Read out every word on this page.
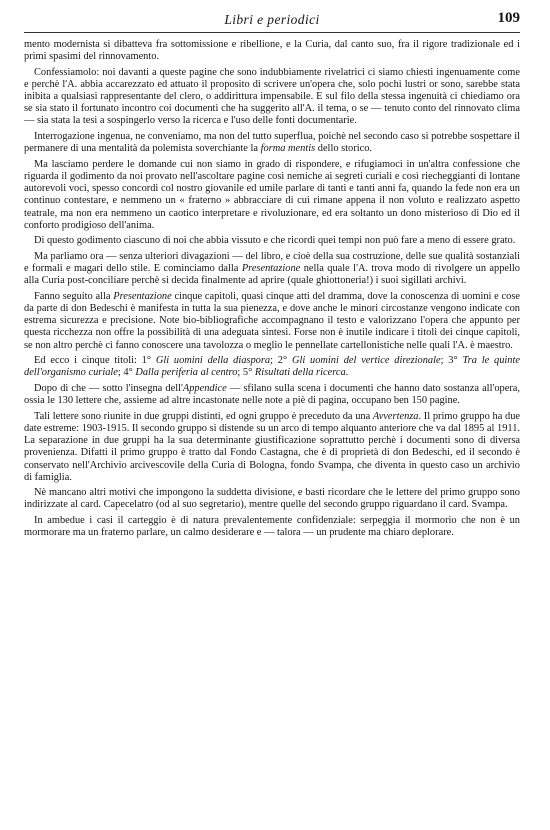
Libri e periodici	109

mento modernista si dibatteva fra sottomissione e ribellione, e la Curia, dal canto suo, fra il rigore tradizionale ed i primi spasimi del rinnovamento.

Confessiamolo: noi davanti a queste pagine che sono indubbiamente rivelatrici ci siamo chiesti ingenuamente come e perchè l'A. abbia accarezzato ed attuato il proposito di scrivere un'opera che, solo pochi lustri or sono, sarebbe stata inibita a qualsiasi rappresentante del clero, o addirittura impensabile. E sul filo della stessa ingenuità ci chiediamo ora se sia stato il fortunato incontro coi documenti che ha suggerito all'A. il tema, o se — tenuto conto del rinnovato clima — sia stata la tesi a sospingerlo verso la ricerca e l'uso delle fonti documentarie.

Interrogazione ingenua, ne conveniamo, ma non del tutto superflua, poichè nel secondo caso si potrebbe sospettare il permanere di una mentalità da polemista soverchiante la forma mentis dello storico.

Ma lasciamo perdere le domande cui non siamo in grado di rispondere, e rifugiamoci in un'altra confessione che riguarda il godimento da noi provato nell'ascoltare pagine così nemiche ai segreti curiali e così riecheggianti di lontane autorevoli voci, spesso concordi col nostro giovanile ed umile parlare di tanti e tanti anni fa, quando la fede non era un continuo contestare, e nemmeno un « fraterno » abbracciare di cui rimane appena il non voluto e realizzato aspetto teatrale, ma non era nemmeno un caotico interpretare e rivoluzionare, ed era soltanto un dono misterioso di Dio ed il conforto prodigioso dell'anima.

Di questo godimento ciascuno di noi che abbia vissuto e che ricordi quei tempi non può fare a meno di essere grato.

Ma parliamo ora — senza ulteriori divagazioni — del libro, e cioè della sua costruzione, delle sue qualità sostanziali e formali e magari dello stile. E cominciamo dalla Presentazione nella quale l'A. trova modo di rivolgere un appello alla Curia post-conciliare perchè si decida finalmente ad aprire (quale ghiottoneria!) i suoi sigillati archivi.

Fanno seguito alla Presentazione cinque capitoli, quasi cinque atti del dramma, dove la conoscenza di uomini e cose da parte di don Bedeschi è manifesta in tutta la sua pienezza, e dove anche le minori circostanze vengono indicate con estrema sicurezza e precisione. Note bio-bibliografiche accompagnano il testo e valorizzano l'opera che appunto per questa ricchezza non offre la possibilità di una adeguata sintesi. Forse non è inutile indicare i titoli dei cinque capitoli, se non altro perchè ci fanno conoscere una tavolozza o meglio le pennellate cartellonistiche nelle quali l'A. è maestro.

Ed ecco i cinque titoli: 1° Gli uomini della diaspora; 2° Gli uomini del vertice direzionale; 3° Tra le quinte dell'organismo curiale; 4° Dalla periferia al centro; 5° Risultati della ricerca.

Dopo di che — sotto l'insegna dell'Appendice — sfilano sulla scena i documenti che hanno dato sostanza all'opera, ossia le 130 lettere che, assieme ad altre incastonate nelle note a piè di pagina, occupano ben 150 pagine.

Tali lettere sono riunite in due gruppi distinti, ed ogni gruppo è preceduto da una Avvertenza. Il primo gruppo ha due date estreme: 1903-1915. Il secondo gruppo si distende su un arco di tempo alquanto anteriore che va dal 1895 al 1911. La separazione in due gruppi ha la sua determinante giustificazione soprattutto perchè i documenti sono di diversa provenienza. Difatti il primo gruppo è tratto dal Fondo Castagna, che è di proprietà di don Bedeschi, ed il secondo è conservato nell'Archivio arcivescovile della Curia di Bologna, fondo Svampa, che diventa in questo caso un archivio di famiglia.

Nè mancano altri motivi che impongono la suddetta divisione, e basti ricordare che le lettere del primo gruppo sono indirizzate al card. Capecelatro (od al suo segretario), mentre quelle del secondo gruppo riguardano il card. Svampa.

In ambedue i casi il carteggio è di natura prevalentemente confidenziale: serpeggia il mormorio che non è un mormorare ma un fraterno parlare, un calmo desiderare e — talora — un prudente ma chiaro deplorare.
